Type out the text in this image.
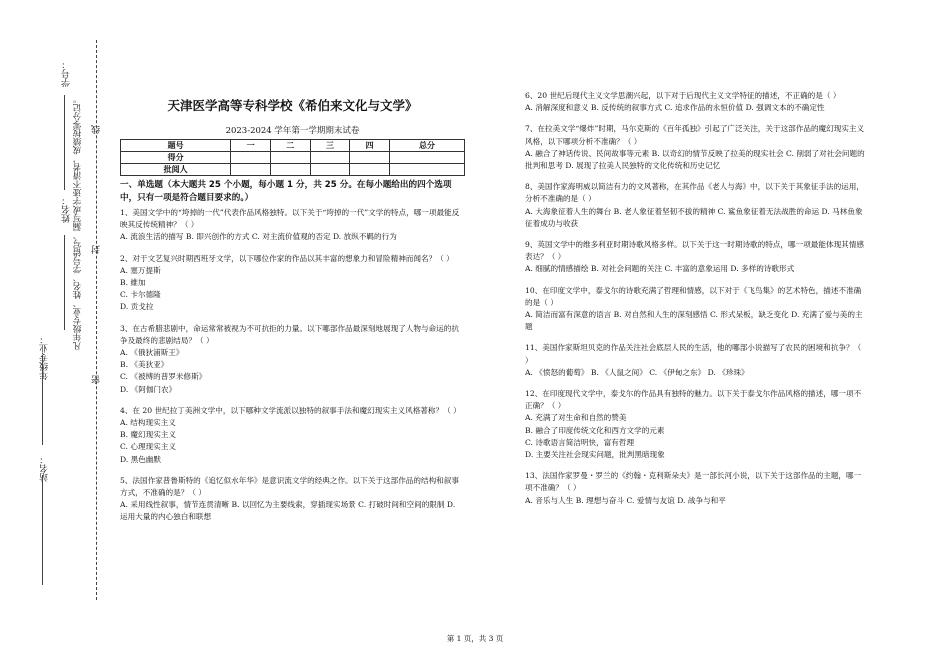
学号：
姓名：
年级专业：
站名：
凡年级专业、姓名、学号错写、漏写或字迹不清者，成绩按零分记。
密
封
线
天津医学高等专科学校《希伯来文化与文学》
2023-2024 学年第一学期期末试卷
题号	一	二	三	四	总分
得分					
批阅人					
一、单选题（本大题共 25 个小题，每小题 1 分，共 25 分。在每小题给出的四个选项中，只有一项是符合题目要求的。）
1、美国文学中的“垮掉的一代”代表作品风格独特。以下关于“垮掉的一代”文学的特点，哪一项最能反映其反传统精神？（ ）
A. 流浪生活的描写 B. 即兴创作的方式 C. 对主流价值观的否定 D. 放纵不羁的行为
2、对于文艺复兴时期西班牙文学，以下哪位作家的作品以其丰富的想象力和冒险精神而闻名？（ ）
A. 塞万提斯
B. 維加
C. 卡尔德隆
D. 贡戈拉
3、在古希腊悲剧中，命运常常被视为不可抗拒的力量。以下哪部作品最深刻地展现了人物与命运的抗争及最终的悲剧结局？（ ）
A. 《俄狄浦斯王》
B. 《美狄亚》
C. 《被缚的普罗米修斯》
D. 《阿伽门农》
4、在 20 世纪拉丁美洲文学中，以下哪种文学流派以独特的叙事手法和魔幻现实主义风格著称？（ ）
A. 结构现实主义
B. 魔幻现实主义
C. 心理现实主义
D. 黑色幽默
5、法国作家普鲁斯特的《追忆似水年华》是意识流文学的经典之作。以下关于这部作品的结构和叙事方式，不准确的是？（ ）
A. 采用线性叙事，情节连贯清晰 B. 以回忆为主要线索，穿插现实场景 C. 打破时间和空间的限制 D. 运用大量的内心独白和联想
6、20 世纪后现代主义文学思潮兴起，以下对于后现代主义文学特征的描述，不正确的是（ ）
A. 消解深度和意义 B. 反传统的叙事方式 C. 追求作品的永恒价值 D. 强调文本的不确定性
7、在拉美文学“爆炸”时期，马尔克斯的《百年孤独》引起了广泛关注，关于这部作品的魔幻现实主义风格，以下哪项分析不准确？（ ）
A. 融合了神话传说、民间故事等元素 B. 以奇幻的情节反映了拉美的现实社会 C. 削弱了对社会问题的批判和思考 D. 展现了拉美人民独特的文化传统和历史记忆
8、美国作家海明威以简洁有力的文风著称，在其作品《老人与海》中，以下关于其象征手法的运用，分析不准确的是（ ）
A. 大海象征着人生的舞台 B. 老人象征着坚韧不拔的精神 C. 鲨鱼象征着无法战胜的命运 D. 马林鱼象征着成功与收获
9、英国文学中的维多利亚时期诗歌风格多样。以下关于这一时期诗歌的特点，哪一项最能体现其情感表达？（ ）
A. 细腻的情感描绘 B. 对社会问题的关注 C. 丰富的意象运用 D. 多样的诗歌形式
10、在印度文学中，泰戈尔的诗歌充满了哲理和情感，以下对于《飞鸟集》的艺术特色，描述不准确的是（ ）
A. 简洁而富有深意的语言 B. 对自然和人生的深刻感悟 C. 形式呆板，缺乏变化 D. 充满了爱与美的主题
11、美国作家斯坦贝克的作品关注社会底层人民的生活，他的哪部小说描写了农民的困境和抗争？（ ）
A. 《愤怒的葡萄》 B. 《人鼠之间》 C. 《伊甸之东》 D. 《珍珠》
12、在印度现代文学中，泰戈尔的作品具有独特的魅力。以下关于泰戈尔作品风格的描述，哪一项不正确？（ ）
A. 充满了对生命和自然的赞美
B. 融合了印度传统文化和西方文学的元素
C. 诗歌语言简洁明快，富有哲理
D. 主要关注社会现实问题，批判黑暗现象
13、法国作家罗曼・罗兰的《约翰・克利斯朵夫》是一部长河小说，以下关于这部作品的主题，哪一项不准确？（ ）
A. 音乐与人生 B. 理想与奋斗 C. 爱情与友谊 D. 战争与和平
第 1 页，共 3 页
